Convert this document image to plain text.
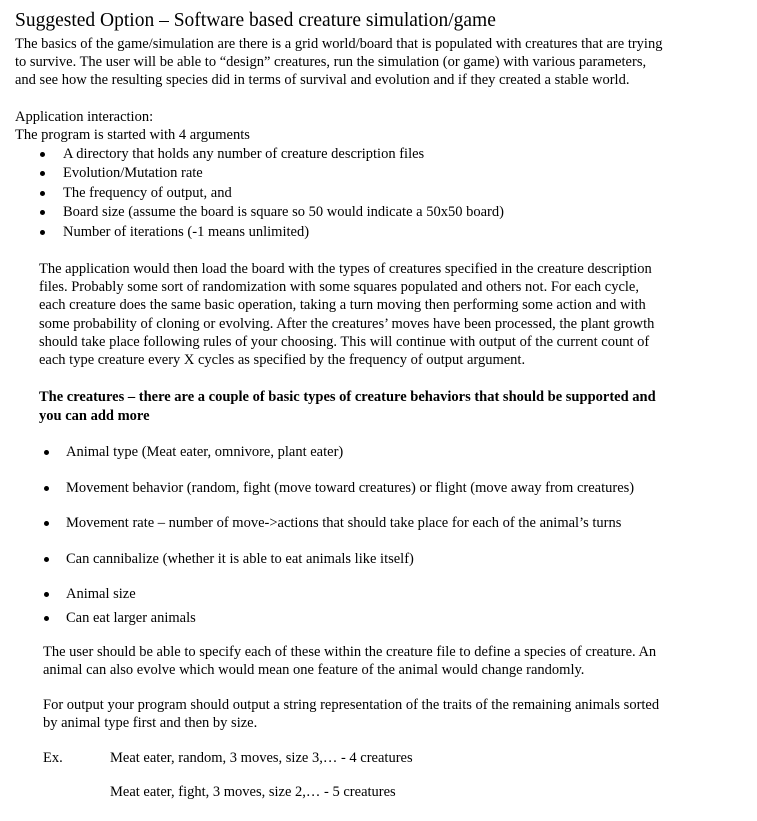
Suggested Option – Software based creature simulation/game
The basics of the game/simulation are there is a grid world/board that is populated with creatures that are trying
to survive. The user will be able to “design” creatures, run the simulation (or game) with various parameters,
and see how the resulting species did in terms of survival and evolution and if they created a stable world.
Application interaction:
The program is started with 4 arguments
A directory that holds any number of creature description files
Evolution/Mutation rate
The frequency of output, and
Board size (assume the board is square so 50 would indicate a 50x50 board)
Number of iterations (-1 means unlimited)
The application would then load the board with the types of creatures specified in the creature description
files. Probably some sort of randomization with some squares populated and others not. For each cycle,
each creature does the same basic operation, taking a turn moving then performing some action and with
some probability of cloning or evolving. After the creatures’ moves have been processed, the plant growth
should take place following rules of your choosing. This will continue with output of the current count of
each type creature every X cycles as specified by the frequency of output argument.
The creatures – there are a couple of basic types of creature behaviors that should be supported and
you can add more
Animal type (Meat eater, omnivore, plant eater)
Movement behavior (random, fight (move toward creatures) or flight (move away from creatures)
Movement rate – number of move->actions that should take place for each of the animal’s turns
Can cannibalize (whether it is able to eat animals like itself)
Animal size
Can eat larger animals
The user should be able to specify each of these within the creature file to define a species of creature. An
animal can also evolve which would mean one feature of the animal would change randomly.
For output your program should output a string representation of the traits of the remaining animals sorted
by animal type first and then by size.
Ex.	Meat eater, random, 3 moves, size 3,… - 4 creatures
Meat eater, fight, 3 moves, size 2,… - 5 creatures
